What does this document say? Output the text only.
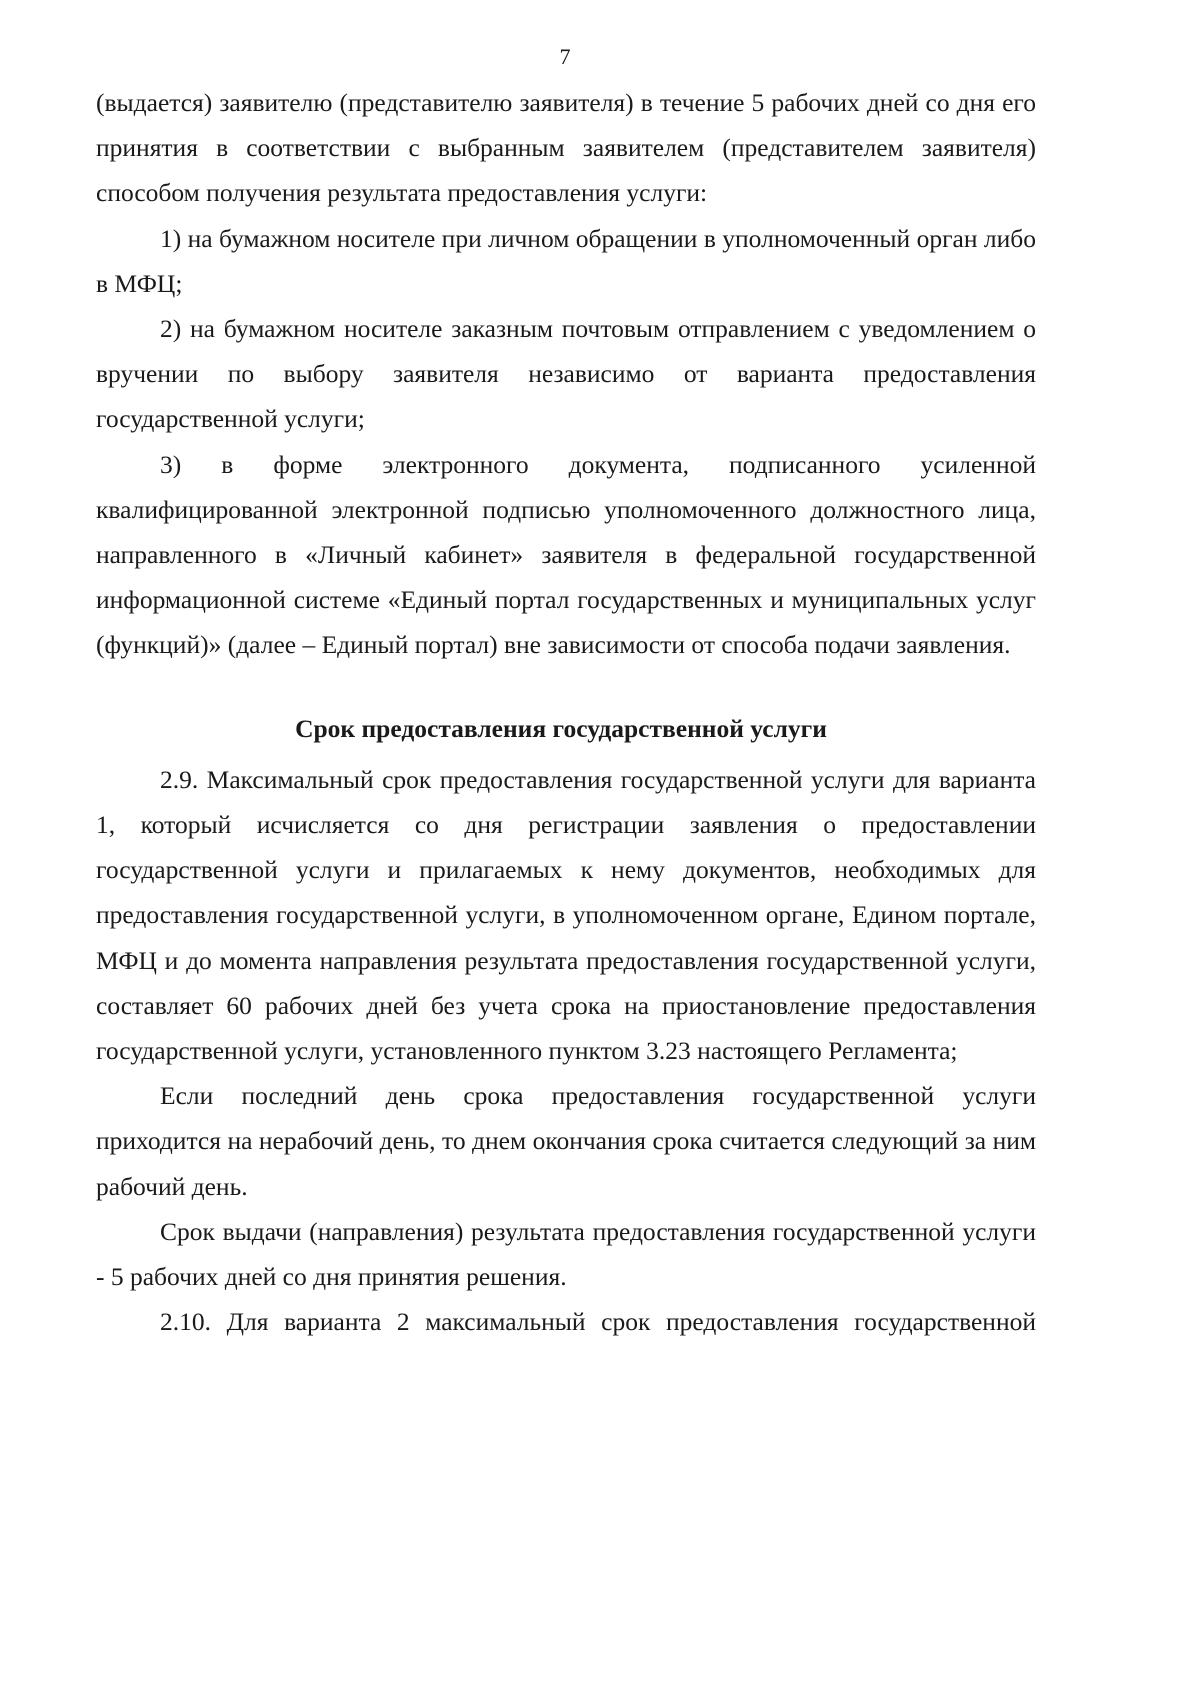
7

(выдается) заявителю (представителю заявителя) в течение 5 рабочих дней со дня его принятия в соответствии с выбранным заявителем (представителем заявителя) способом получения результата предоставления услуги:

1) на бумажном носителе при личном обращении в уполномоченный орган либо в МФЦ;

2) на бумажном носителе заказным почтовым отправлением с уведомлением о вручении по выбору заявителя независимо от варианта предоставления государственной услуги;

3) в форме электронного документа, подписанного усиленной квалифицированной электронной подписью уполномоченного должностного лица, направленного в «Личный кабинет» заявителя в федеральной государственной информационной системе «Единый портал государственных и муниципальных услуг (функций)» (далее – Единый портал) вне зависимости от способа подачи заявления.

Срок предоставления государственной услуги

2.9. Максимальный срок предоставления государственной услуги для варианта 1, который исчисляется со дня регистрации заявления о предоставлении государственной услуги и прилагаемых к нему документов, необходимых для предоставления государственной услуги, в уполномоченном органе, Едином портале, МФЦ и до момента направления результата предоставления государственной услуги, составляет 60 рабочих дней без учета срока на приостановление предоставления государственной услуги, установленного пунктом 3.23 настоящего Регламента;

Если последний день срока предоставления государственной услуги приходится на нерабочий день, то днем окончания срока считается следующий за ним рабочий день.

Срок выдачи (направления) результата предоставления государственной услуги - 5 рабочих дней со дня принятия решения.

2.10. Для варианта 2 максимальный срок предоставления государственной
